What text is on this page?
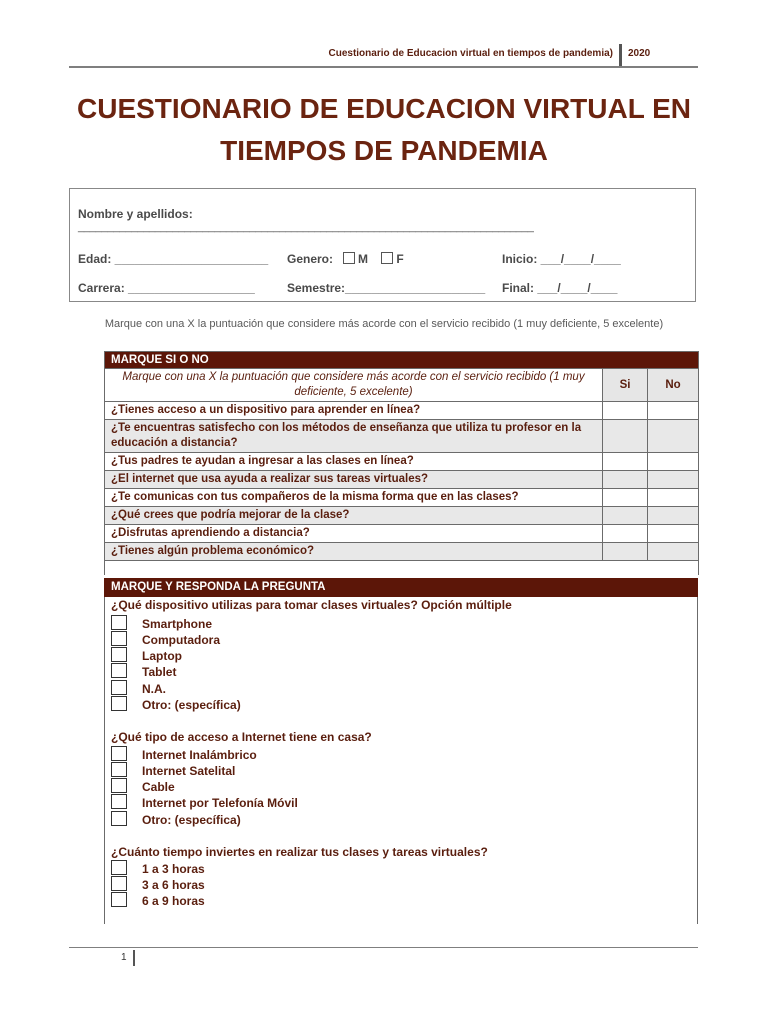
Cuestionario de Educacion virtual en tiempos de pandemia) 2020
CUESTIONARIO DE EDUCACION VIRTUAL EN
TIEMPOS DE PANDEMIA
Nombre y apellidos:
_____________________________________________________________________________
Edad: _______________________ Genero: M F	Inicio: ___/____/____
Carrera: ___________________	Semestre:_____________________ Final: ___/____/____
Marque con una X la puntuación que considere más acorde con el servicio recibido (1 muy deficiente, 5 excelente)
MARQUE SI O NO		
Marque con una X la puntuación que considere más acorde con el servicio recibido (1 muy deficiente, 5 excelente)	Si	No
¿Tienes acceso a un dispositivo para aprender en línea?		
¿Te encuentras satisfecho con los métodos de enseñanza que utiliza tu profesor en la educación a distancia?		
¿Tus padres te ayudan a ingresar a las clases en línea?		
¿El internet que usa ayuda a realizar sus tareas virtuales?		
¿Te comunicas con tus compañeros de la misma forma que en las clases?		
¿Qué crees que podría mejorar de la clase?		
¿Disfrutas aprendiendo a distancia?		
¿Tienes algún problema económico?		

MARQUE Y RESPONDA LA PREGUNTA
¿Qué dispositivo utilizas para tomar clases virtuales? Opción múltiple
Smartphone
Computadora
Laptop
Tablet
N.A.
Otro: (específica)
¿Qué tipo de acceso a Internet tiene en casa?
Internet Inalámbrico
Internet Satelital
Cable
Internet por Telefonía Móvil
Otro: (específica)
¿Cuánto tiempo inviertes en realizar tus clases y tareas virtuales?
1 a 3 horas
3 a 6 horas
6 a 9 horas
1
